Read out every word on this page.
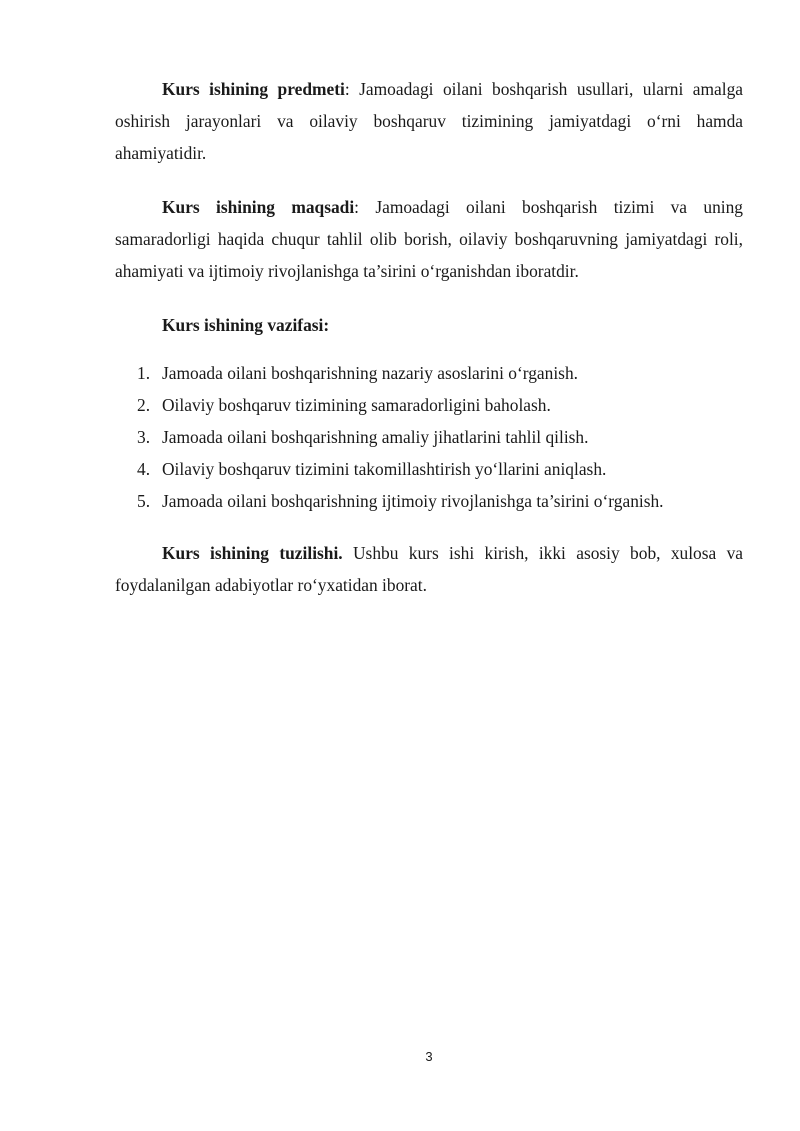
Kurs ishining predmeti: Jamoadagi oilani boshqarish usullari, ularni amalga oshirish jarayonlari va oilaviy boshqaruv tizimining jamiyatdagi o‘rni hamda ahamiyatidir.

Kurs ishining maqsadi: Jamoadagi oilani boshqarish tizimi va uning samaradorligi haqida chuqur tahlil olib borish, oilaviy boshqaruvning jamiyatdagi roli, ahamiyati va ijtimoiy rivojlanishga ta’sirini o‘rganishdan iboratdir.

Kurs ishining vazifasi:

1. Jamoada oilani boshqarishning nazariy asoslarini o‘rganish.
2. Oilaviy boshqaruv tizimining samaradorligini baholash.
3. Jamoada oilani boshqarishning amaliy jihatlarini tahlil qilish.
4. Oilaviy boshqaruv tizimini takomillashtirish yo‘llarini aniqlash.
5. Jamoada oilani boshqarishning ijtimoiy rivojlanishga ta’sirini o‘rganish.

Kurs ishining tuzilishi. Ushbu kurs ishi kirish, ikki asosiy bob, xulosa va foydalanilgan adabiyotlar ro‘yxatidan iborat.

3
